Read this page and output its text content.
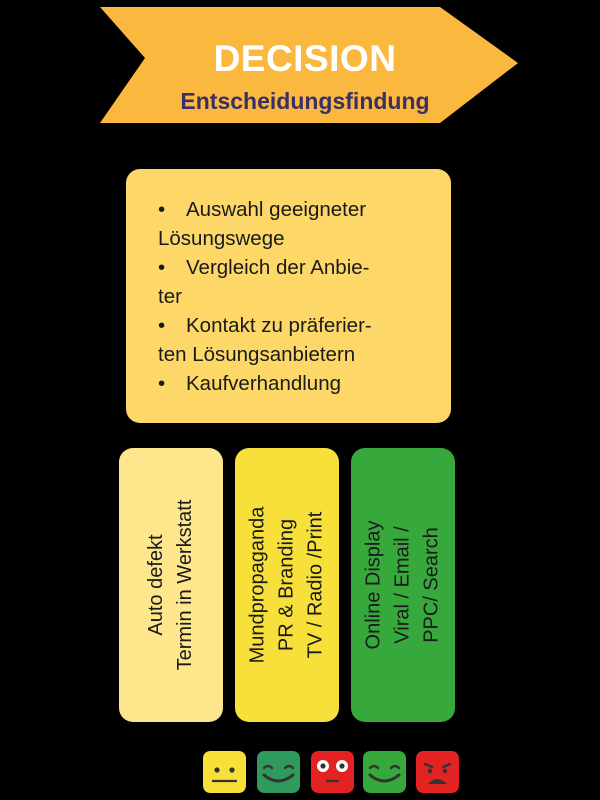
DECISION
Entscheidungsfindung
• Auswahl geeigneter
Lösungswege
• Vergleich der Anbie-
ter
• Kontakt zu präferier-
ten Lösungsanbietern
• Kaufverhandlung
Auto defekt Termin in Werkstatt	Mundpropaganda PR & Branding TV / Radio /Print Online Display Viral / Email / PPC/ Search
